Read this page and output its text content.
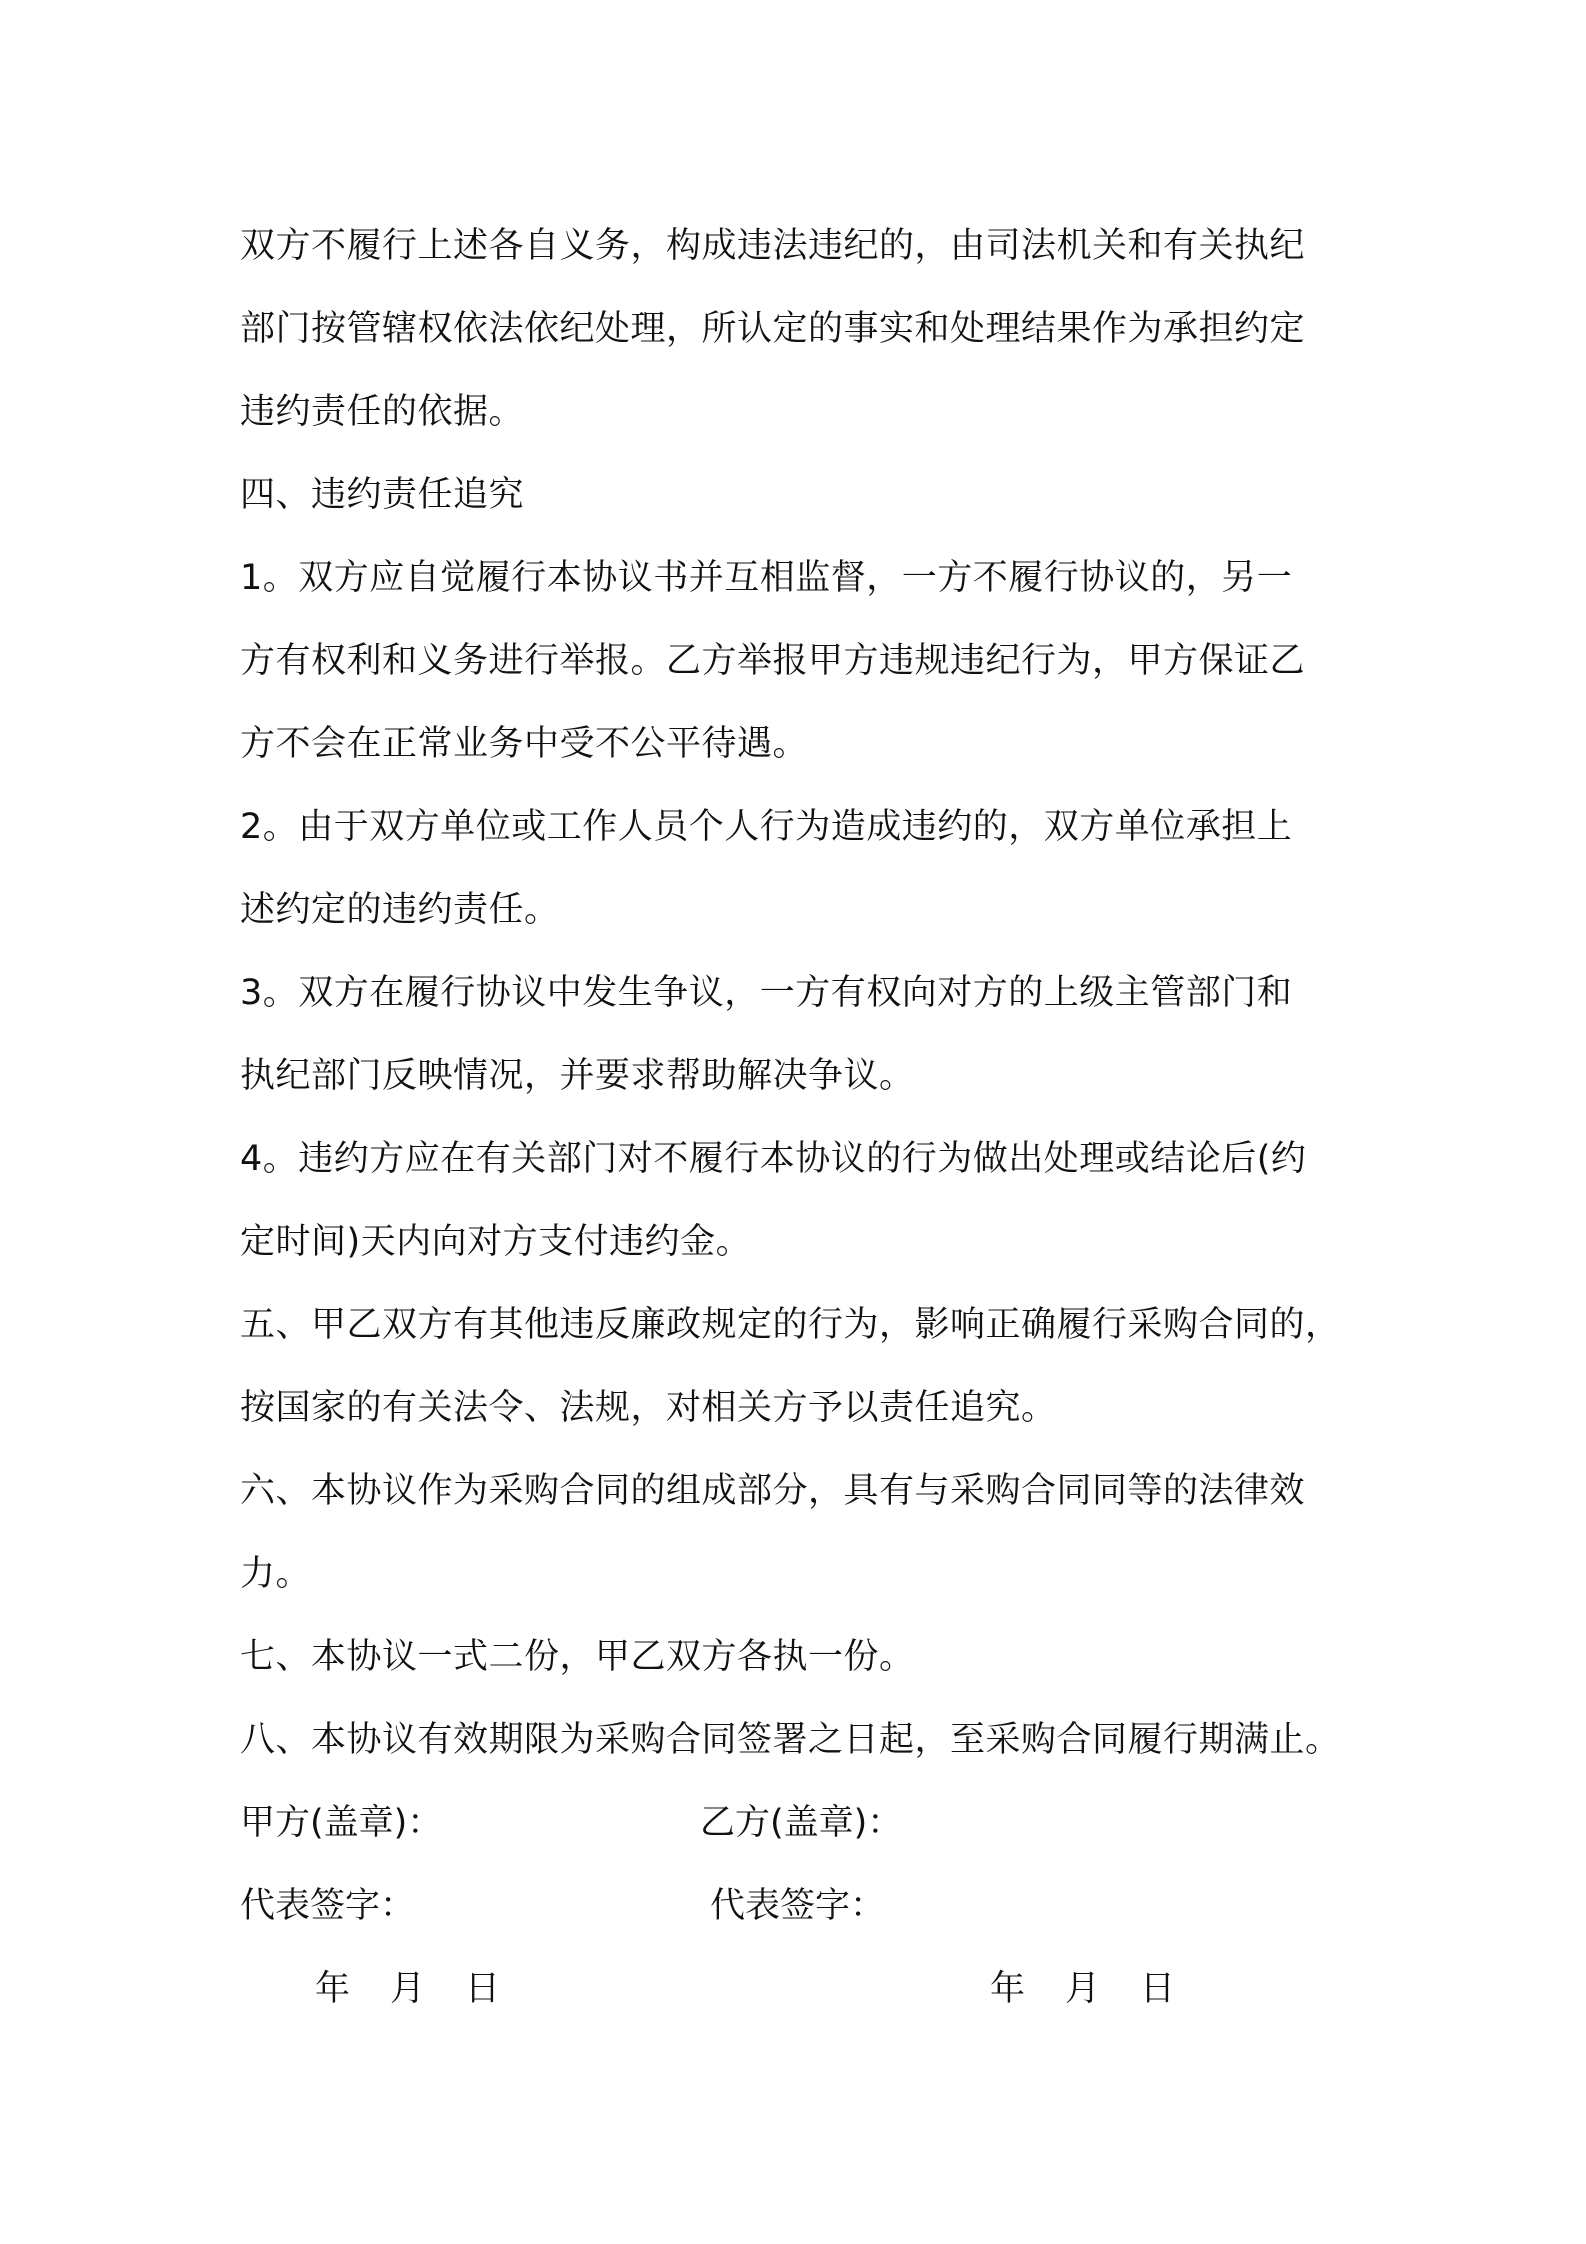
双方不履行上述各自义务，构成违法违纪的，由司法机关和有关执纪
部门按管辖权依法依纪处理，所认定的事实和处理结果作为承担约定
违约责任的依据。
四、违约责任追究
1。双方应自觉履行本协议书并互相监督，一方不履行协议的，另一
方有权利和义务进行举报。乙方举报甲方违规违纪行为，甲方保证乙
方不会在正常业务中受不公平待遇。
2。由于双方单位或工作人员个人行为造成违约的，双方单位承担上
述约定的违约责任。
3。双方在履行协议中发生争议，一方有权向对方的上级主管部门和
执纪部门反映情况，并要求帮助解决争议。
4。违约方应在有关部门对不履行本协议的行为做出处理或结论后(约
定时间)天内向对方支付违约金。
五、甲乙双方有其他违反廉政规定的行为，影响正确履行采购合同的，
按国家的有关法令、法规，对相关方予以责任追究。
六、本协议作为采购合同的组成部分，具有与采购合同同等的法律效
力。
七、本协议一式二份，甲乙双方各执一份。
八、本协议有效期限为采购合同签署之日起，至采购合同履行期满止。
甲方(盖章)：	乙方(盖章)：
代表签字：	代表签字：
年 月 日	年 月 日
